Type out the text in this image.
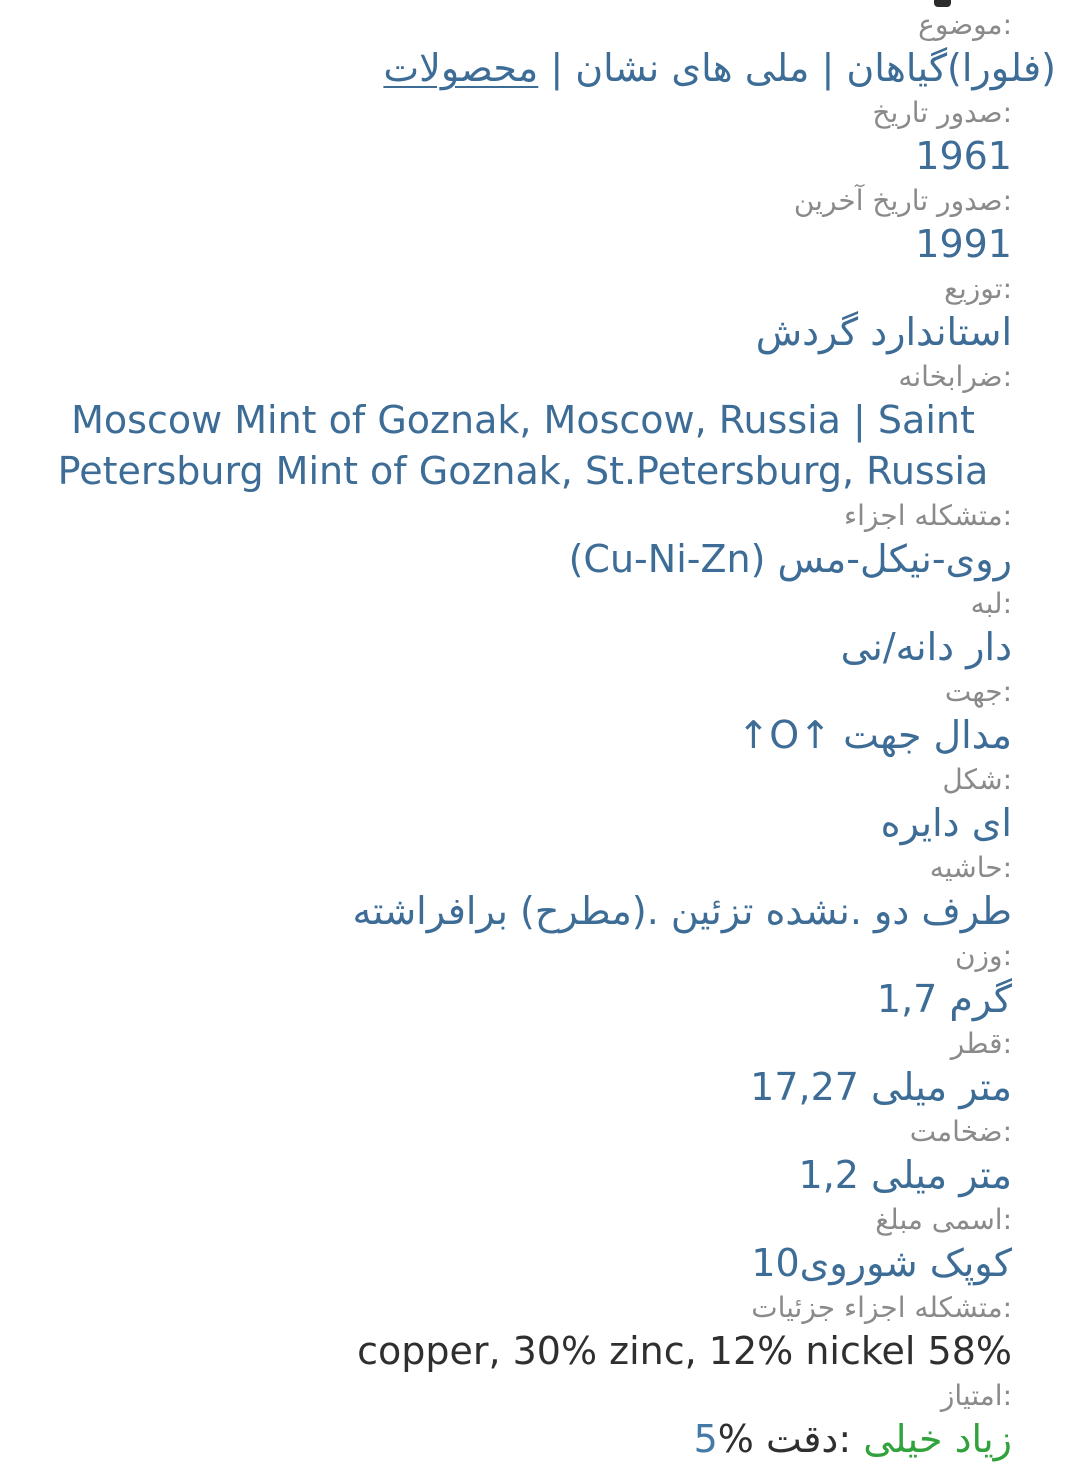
موضوع:
محصولات‎ | نشان‎ های‎ ملی‎ | گیاهان‎(فلورا)
تاریخ‎ صدور:
1961
آخرین‎ تاریخ‎ صدور:
1991
توزیع:
گردش‎ استاندارد
ضرابخانه:
Moscow Mint of Goznak, Moscow, Russia | Saint Petersburg Mint of Goznak, St.Petersburg, Russia
اجزاء‎ متشکله:
(Cu-Ni-Zn) مس‎-‎نیکل‎-‎روی
لبه:
نی‎/‎دانه‎ دار
جهت:
↑O↑ جهت‎ مدال
شکل:
دایره‎ ای
حاشیه:
برافراشته‎ (مطرح).‎ تزئین‎ نشده.‎ دو‎ طرف
وزن:
1,7‎ گرم
قطر:
17,27‎ میلی‎ متر
ضخامت:
1,2‎ میلی‎ متر
مبلغ‎ اسمی:
10شوروی‎ کوپک
جزئیات‎ اجزاء‎ متشکله:
copper, 30% zinc, 12% nickel 58%
امتیاز:
5% دقت:‎ خیلی‎ زیاد
